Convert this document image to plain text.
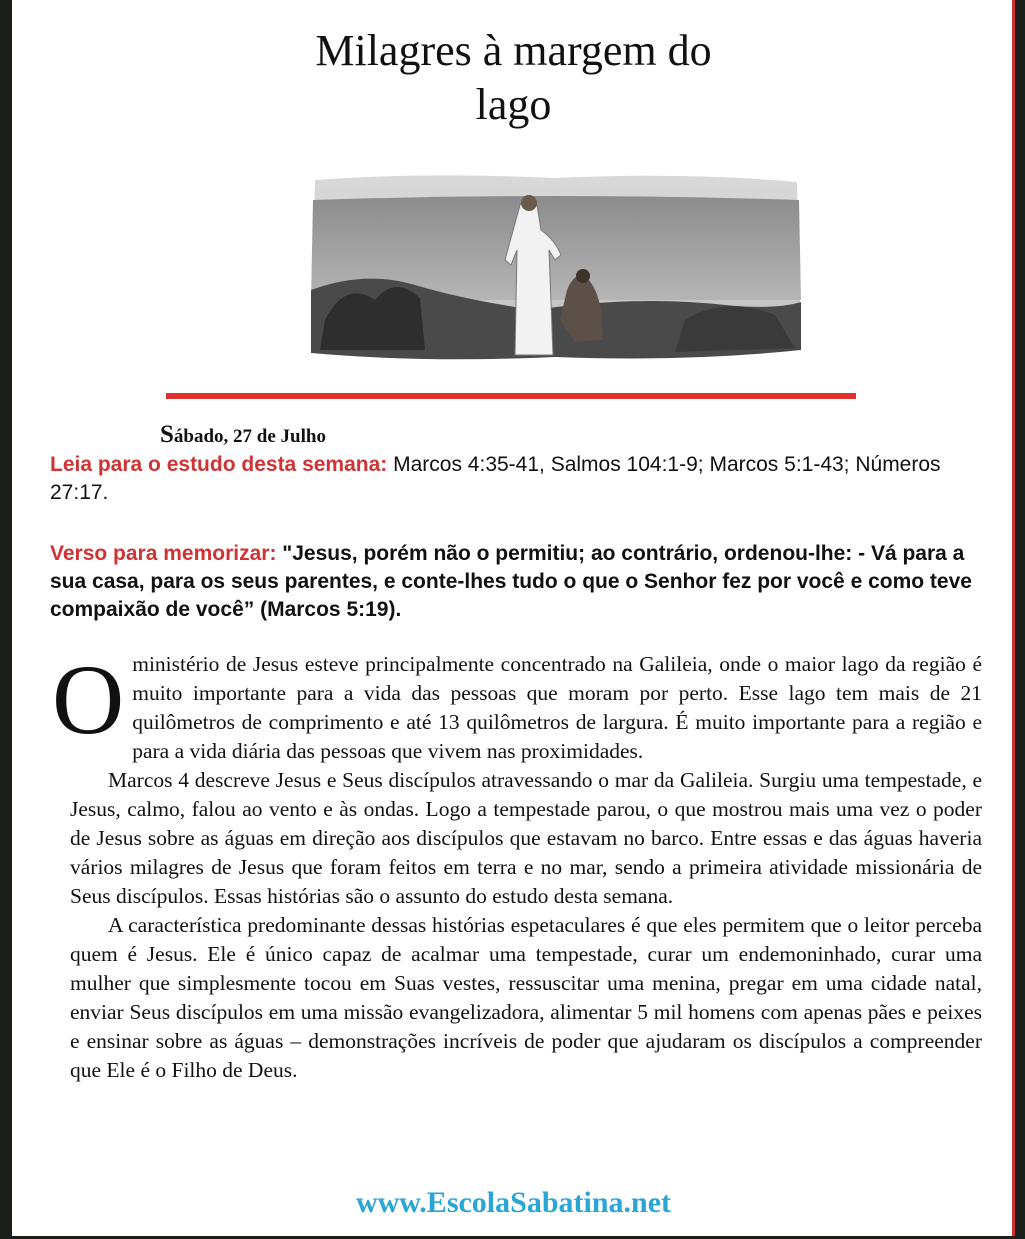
Milagres à margem do
lago
Sábado, 27 de Julho
Leia para o estudo desta semana: Marcos 4:35-41, Salmos 104:1-9; Marcos 5:1-43; Números 27:17.
Verso para memorizar: "Jesus, porém não o permitiu; ao contrário, ordenou-lhe: - Vá para a sua casa, para os seus parentes, e conte-lhes tudo o que o Senhor fez por você e como teve compaixão de você” (Marcos 5:19).

Oministério de Jesus esteve principalmente concentrado na Galileia, onde o maior lago da região é muito importante para a vida das pessoas que moram por perto. Esse lago tem mais de 21 quilômetros de comprimento e até 13 quilômetros de largura. É muito importante para a região e para a vida diária das pessoas que vivem nas proximidades.

Marcos 4 descreve Jesus e Seus discípulos atravessando o mar da Galileia. Surgiu uma tempestade, e Jesus, calmo, falou ao vento e às ondas. Logo a tempestade parou, o que mostrou mais uma vez o poder de Jesus sobre as águas em direção aos discípulos que estavam no barco. Entre essas e das águas haveria vários milagres de Jesus que foram feitos em terra e no mar, sendo a primeira atividade missionária de Seus discípulos. Essas histórias são o assunto do estudo desta semana.

A característica predominante dessas histórias espetaculares é que eles permitem que o leitor perceba quem é Jesus. Ele é único capaz de acalmar uma tempestade, curar um endemoninhado, curar uma mulher que simplesmente tocou em Suas vestes, ressuscitar uma menina, pregar em uma cidade natal, enviar Seus discípulos em uma missão evangelizadora, alimentar 5 mil homens com apenas pães e peixes e ensinar sobre as águas – demonstrações incríveis de poder que ajudaram os discípulos a compreender que Ele é o Filho de Deus.

www.EscolaSabatina.net
